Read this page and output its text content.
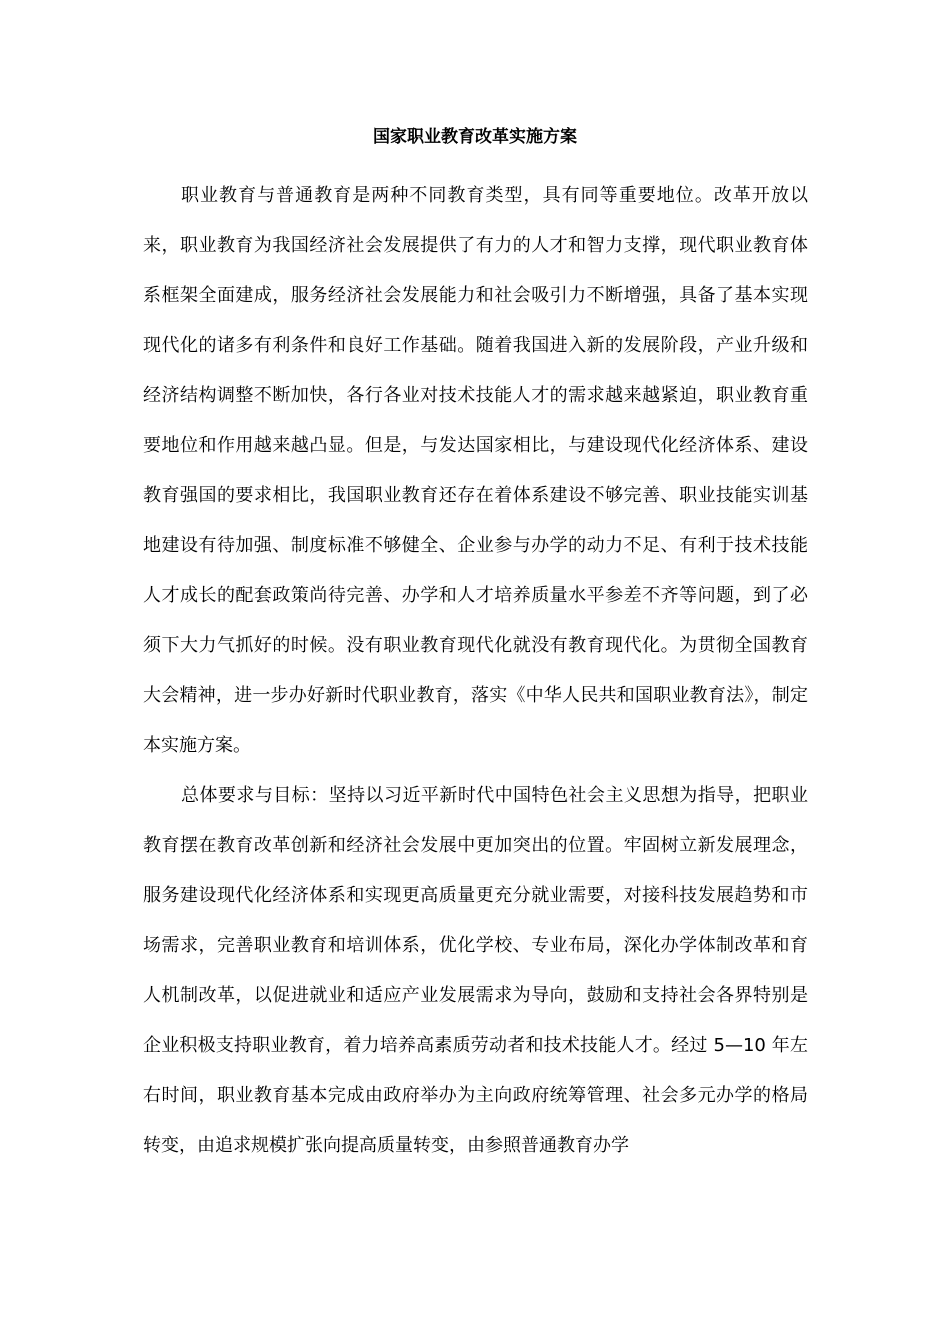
国家职业教育改革实施方案

职业教育与普通教育是两种不同教育类型，具有同等重要地位。改革开放以来，职业教育为我国经济社会发展提供了有力的人才和智力支撑，现代职业教育体系框架全面建成，服务经济社会发展能力和社会吸引力不断增强，具备了基本实现现代化的诸多有利条件和良好工作基础。随着我国进入新的发展阶段，产业升级和经济结构调整不断加快，各行各业对技术技能人才的需求越来越紧迫，职业教育重要地位和作用越来越凸显。但是，与发达国家相比，与建设现代化经济体系、建设教育强国的要求相比，我国职业教育还存在着体系建设不够完善、职业技能实训基地建设有待加强、制度标准不够健全、企业参与办学的动力不足、有利于技术技能人才成长的配套政策尚待完善、办学和人才培养质量水平参差不齐等问题，到了必须下大力气抓好的时候。没有职业教育现代化就没有教育现代化。为贯彻全国教育大会精神，进一步办好新时代职业教育，落实《中华人民共和国职业教育法》，制定本实施方案。

总体要求与目标：坚持以习近平新时代中国特色社会主义思想为指导，把职业教育摆在教育改革创新和经济社会发展中更加突出的位置。牢固树立新发展理念，服务建设现代化经济体系和实现更高质量更充分就业需要，对接科技发展趋势和市场需求，完善职业教育和培训体系，优化学校、专业布局，深化办学体制改革和育人机制改革，以促进就业和适应产业发展需求为导向，鼓励和支持社会各界特别是企业积极支持职业教育，着力培养高素质劳动者和技术技能人才。经过 5—10 年左右时间，职业教育基本完成由政府举办为主向政府统筹管理、社会多元办学的格局转变，由追求规模扩张向提高质量转变，由参照普通教育办学
